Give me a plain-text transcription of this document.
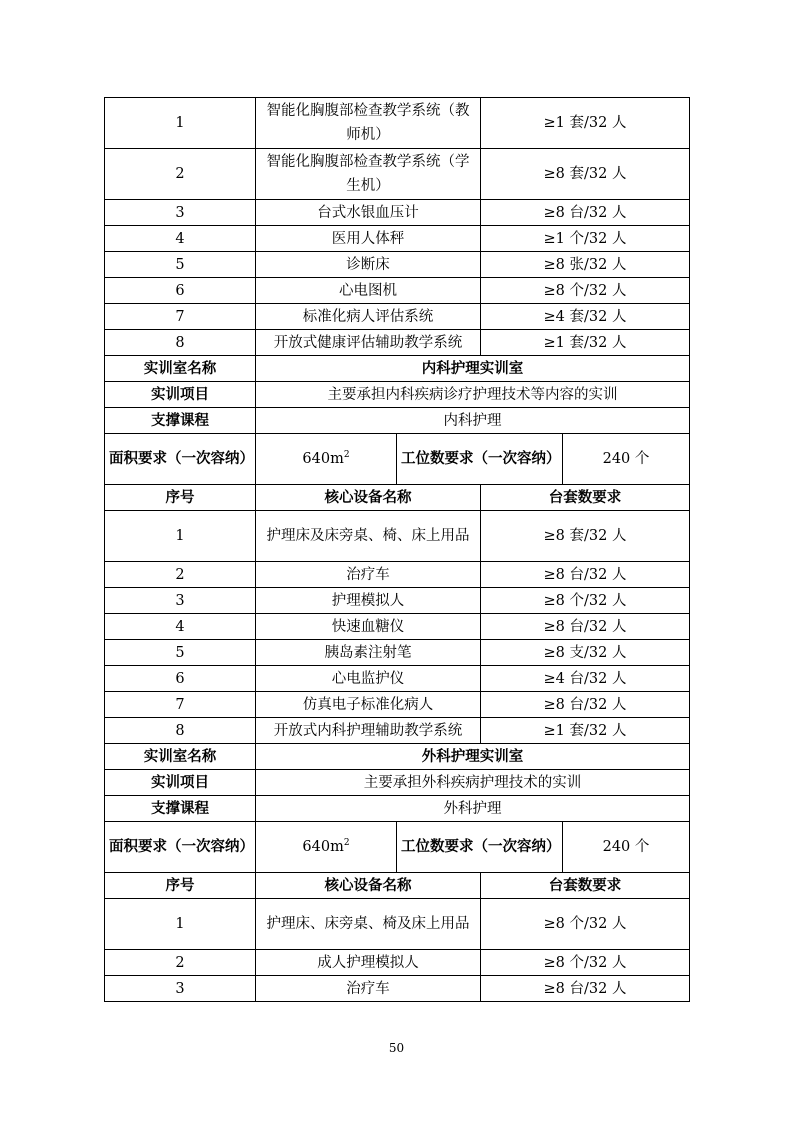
1	智能化胸腹部检查教学系统（教师机）		≥1 套/32 人	
2	智能化胸腹部检查教学系统（学生机）		≥8 套/32 人	
3	台式水银血压计		≥8 台/32 人	
4	医用人体秤		≥1 个/32 人	
5	诊断床		≥8 张/32 人	
6	心电图机		≥8 个/32 人	
7	标准化病人评估系统		≥4 套/32 人	
8	开放式健康评估辅助教学系统		≥1 套/32 人	
实训室名称	内科护理实训室			
实训项目	主要承担内科疾病诊疗护理技术等内容的实训			
支撑课程	内科护理			
面积要求（一次容纳）	$640m^2$	工位数要求（一次容纳）		240 个
序号	核心设备名称		台套数要求	
1	护理床及床旁桌、椅、床上用品		≥8 套/32 人	
2	治疗车		≥8 台/32 人	
3	护理模拟人		≥8 个/32 人	
4	快速血糖仪		≥8 台/32 人	
5	胰岛素注射笔		≥8 支/32 人	
6	心电监护仪		≥4 台/32 人	
7	仿真电子标准化病人		≥8 台/32 人	
8	开放式内科护理辅助教学系统		≥1 套/32 人	
实训室名称	外科护理实训室			
实训项目	主要承担外科疾病护理技术的实训			
支撑课程	外科护理			
面积要求（一次容纳）	$640m^2$	工位数要求（一次容纳）		240 个
序号	核心设备名称		台套数要求	
1	护理床、床旁桌、椅及床上用品		≥8 个/32 人	
2	成人护理模拟人		≥8 个/32 人	
3	治疗车		≥8 台/32 人	
50
